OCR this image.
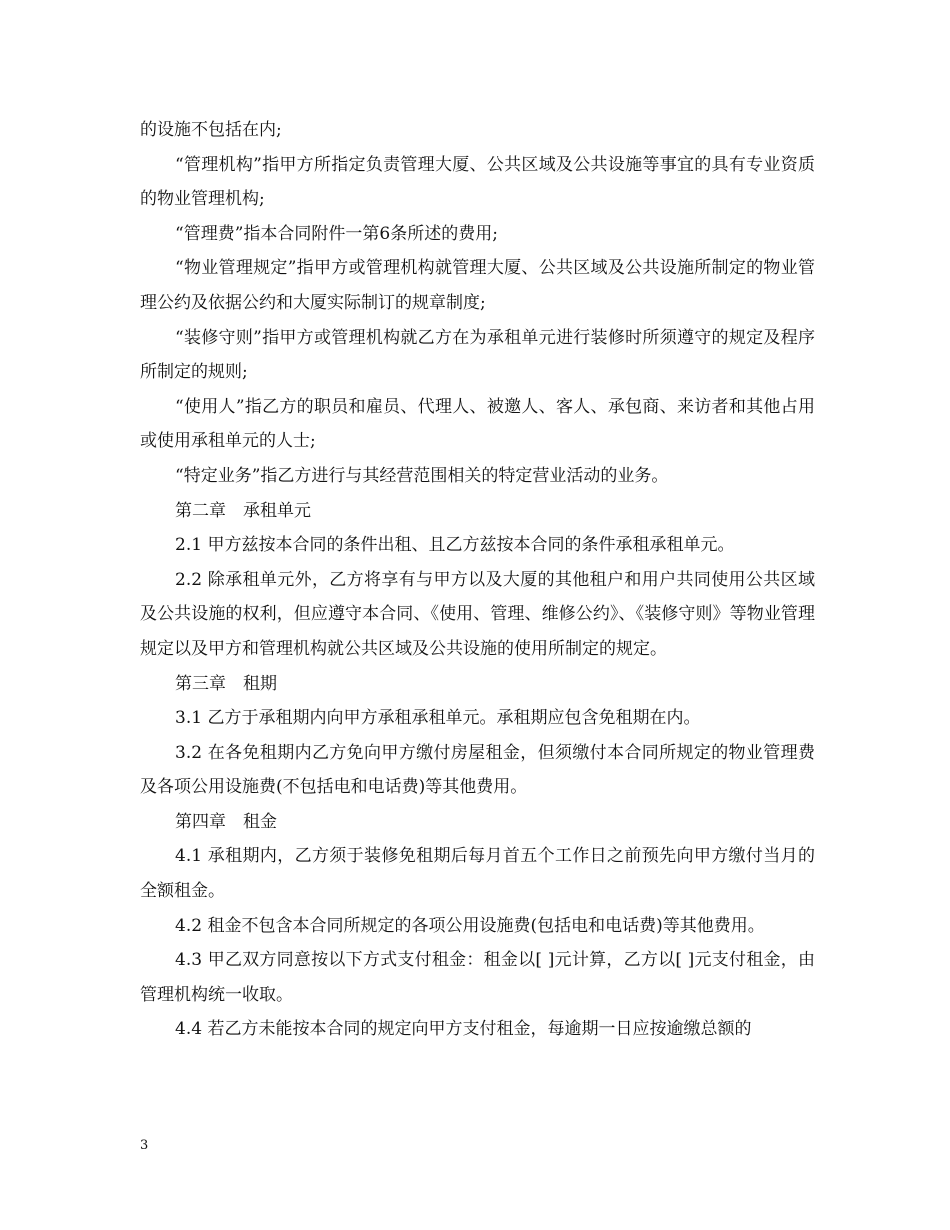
的设施不包括在内;

“管理机构”指甲方所指定负责管理大厦、公共区域及公共设施等事宜的具有专业资质的物业管理机构;

“管理费”指本合同附件一第6条所述的费用;

“物业管理规定”指甲方或管理机构就管理大厦、公共区域及公共设施所制定的物业管理公约及依据公约和大厦实际制订的规章制度;

“装修守则”指甲方或管理机构就乙方在为承租单元进行装修时所须遵守的规定及程序所制定的规则;

“使用人”指乙方的职员和雇员、代理人、被邀人、客人、承包商、来访者和其他占用或使用承租单元的人士;

“特定业务”指乙方进行与其经营范围相关的特定营业活动的业务。

第二章　承租单元

2.1 甲方兹按本合同的条件出租、且乙方兹按本合同的条件承租承租单元。

2.2 除承租单元外，乙方将享有与甲方以及大厦的其他租户和用户共同使用公共区域及公共设施的权利，但应遵守本合同、《使用、管理、维修公约》、《装修守则》等物业管理规定以及甲方和管理机构就公共区域及公共设施的使用所制定的规定。

第三章　租期

3.1 乙方于承租期内向甲方承租承租单元。承租期应包含免租期在内。

3.2 在各免租期内乙方免向甲方缴付房屋租金，但须缴付本合同所规定的物业管理费及各项公用设施费(不包括电和电话费)等其他费用。

第四章　租金

4.1 承租期内，乙方须于装修免租期后每月首五个工作日之前预先向甲方缴付当月的全额租金。

4.2 租金不包含本合同所规定的各项公用设施费(包括电和电话费)等其他费用。

4.3 甲乙双方同意按以下方式支付租金：租金以[ ]元计算，乙方以[ ]元支付租金，由管理机构统一收取。

4.4 若乙方未能按本合同的规定向甲方支付租金，每逾期一日应按逾缴总额的

3
